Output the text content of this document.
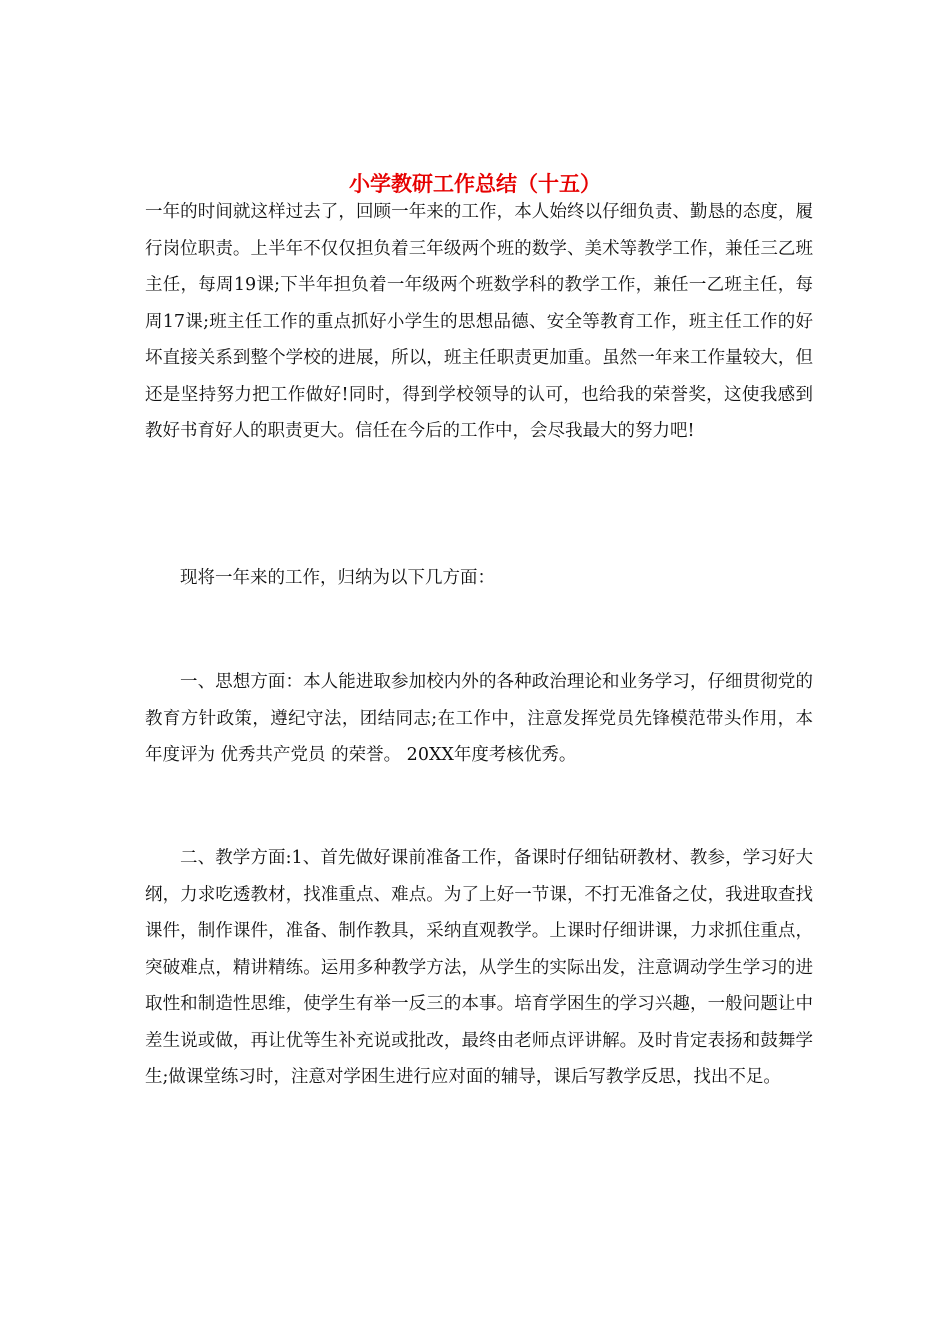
小学教研工作总结（十五）

一年的时间就这样过去了，回顾一年来的工作，本人始终以仔细负责、勤恳的态度，履行岗位职责。上半年不仅仅担负着三年级两个班的数学、美术等教学工作，兼任三乙班主任，每周19课;下半年担负着一年级两个班数学科的教学工作，兼任一乙班主任，每周17课;班主任工作的重点抓好小学生的思想品德、安全等教育工作，班主任工作的好坏直接关系到整个学校的进展，所以，班主任职责更加重。虽然一年来工作量较大，但还是坚持努力把工作做好!同时，得到学校领导的认可，也给我的荣誉奖，这使我感到教好书育好人的职责更大。信任在今后的工作中，会尽我最大的努力吧!

现将一年来的工作，归纳为以下几方面：

一、思想方面：本人能进取参加校内外的各种政治理论和业务学习，仔细贯彻党的教育方针政策，遵纪守法，团结同志;在工作中，注意发挥党员先锋模范带头作用，本年度评为 优秀共产党员 的荣誉。 20XX年度考核优秀。

二、教学方面:1、首先做好课前准备工作，备课时仔细钻研教材、教参，学习好大纲，力求吃透教材，找准重点、难点。为了上好一节课，不打无准备之仗，我进取查找课件，制作课件，准备、制作教具，采纳直观教学。上课时仔细讲课，力求抓住重点，突破难点，精讲精练。运用多种教学方法，从学生的实际出发，注意调动学生学习的进取性和制造性思维，使学生有举一反三的本事。培育学困生的学习兴趣，一般问题让中差生说或做，再让优等生补充说或批改，最终由老师点评讲解。及时肯定表扬和鼓舞学生;做课堂练习时，注意对学困生进行应对面的辅导，课后写教学反思，找出不足。
